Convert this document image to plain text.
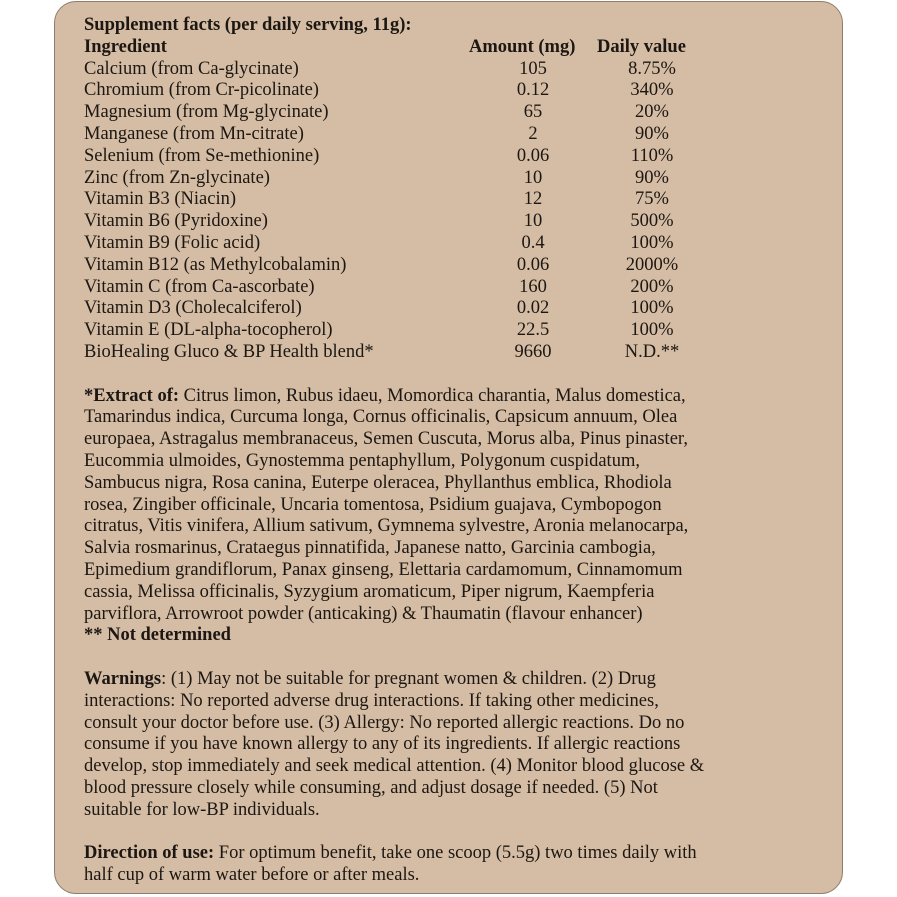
Supplement facts (per daily serving, 11g):
Ingredient	Amount (mg)	Daily value
Calcium (from Ca-glycinate)	105	8.75%
Chromium (from Cr-picolinate)	0.12	340%
Magnesium (from Mg-glycinate)	65	20%
Manganese (from Mn-citrate)	2	90%
Selenium (from Se-methionine)	0.06	110%
Zinc (from Zn-glycinate)	10	90%
Vitamin B3 (Niacin)	12	75%
Vitamin B6 (Pyridoxine)	10	500%
Vitamin B9 (Folic acid)	0.4	100%
Vitamin B12 (as Methylcobalamin)	0.06	2000%
Vitamin C (from Ca-ascorbate)	160	200%
Vitamin D3 (Cholecalciferol)	0.02	100%
Vitamin E (DL-alpha-tocopherol)	22.5	100%
BioHealing Gluco & BP Health blend*	9660	N.D.**
*Extract of: Citrus limon, Rubus idaeu, Momordica charantia, Malus domestica,
Tamarindus indica, Curcuma longa, Cornus officinalis, Capsicum annuum, Olea
europaea, Astragalus membranaceus, Semen Cuscuta, Morus alba, Pinus pinaster,
Eucommia ulmoides, Gynostemma pentaphyllum, Polygonum cuspidatum,
Sambucus nigra, Rosa canina, Euterpe oleracea, Phyllanthus emblica, Rhodiola
rosea, Zingiber officinale, Uncaria tomentosa, Psidium guajava, Cymbopogon
citratus, Vitis vinifera, Allium sativum, Gymnema sylvestre, Aronia melanocarpa,
Salvia rosmarinus, Crataegus pinnatifida, Japanese natto, Garcinia cambogia,
Epimedium grandiflorum, Panax ginseng, Elettaria cardamomum, Cinnamomum
cassia, Melissa officinalis, Syzygium aromaticum, Piper nigrum, Kaempferia
parviflora, Arrowroot powder (anticaking) & Thaumatin (flavour enhancer)
** Not determined
Warnings: (1) May not be suitable for pregnant women & children. (2) Drug
interactions: No reported adverse drug interactions. If taking other medicines,
consult your doctor before use. (3) Allergy: No reported allergic reactions. Do no
consume if you have known allergy to any of its ingredients. If allergic reactions
develop, stop immediately and seek medical attention. (4) Monitor blood glucose &
blood pressure closely while consuming, and adjust dosage if needed. (5) Not
suitable for low-BP individuals.
Direction of use: For optimum benefit, take one scoop (5.5g) two times daily with
half cup of warm water before or after meals.
